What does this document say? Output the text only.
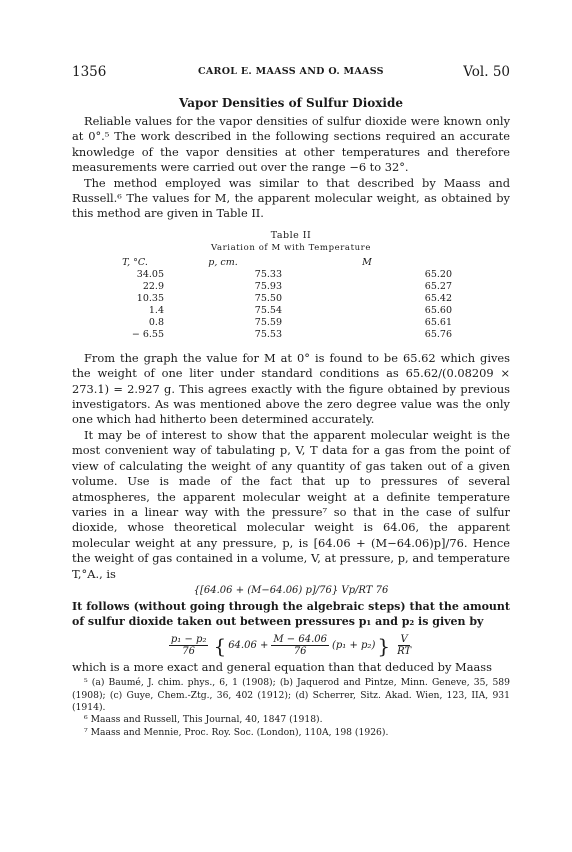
1356	CAROL E. MAASS AND O. MAASS	Vol. 50
Vapor Densities of Sulfur Dioxide

Reliable values for the vapor densities of sulfur dioxide were known only at 0°.⁵ The work described in the following sections required an accurate knowledge of the vapor densities at other temperatures and therefore measurements were carried out over the range −6 to 32°.

The method employed was similar to that described by Maass and Russell.⁶ The values for M, the apparent molecular weight, as obtained by this method are given in Table II.

Table II
Variation of M with Temperature
T, °C.	p, cm.	M
34.05	75.33	65.20
22.9	75.93	65.27
10.35	75.50	65.42
1.4	75.54	65.60
0.8	75.59	65.61
− 6.55	75.53	65.76

From the graph the value for M at 0° is found to be 65.62 which gives the weight of one liter under standard conditions as 65.62/(0.08209 × 273.1) = 2.927 g. This agrees exactly with the figure obtained by previous investigators. As was mentioned above the zero degree value was the only one which had hitherto been determined accurately.

It may be of interest to show that the apparent molecular weight is the most convenient way of tabulating p, V, T data for a gas from the point of view of calculating the weight of any quantity of gas taken out of a given volume. Use is made of the fact that up to pressures of several atmospheres, the apparent molecular weight at a definite temperature varies in a linear way with the pressure⁷ so that in the case of sulfur dioxide, whose theoretical molecular weight is 64.06, the apparent molecular weight at any pressure, p, is [64.06 + (M−64.06)p]/76. Hence the weight of gas contained in a volume, V, at pressure, p, and temperature T,°A., is

{[64.06 + (M−64.06) p]/76} Vp/RT 76

It follows (without going through the algebraic steps) that the amount of sulfur dioxide taken out between pressures p₁ and p₂ is given by

$\frac{\text{p₁ − p₂}}{76}$ { $64.06 + \frac{M - 64.06}{76} (p_1 + p_2)$ } $\frac{V}{RT}$

which is a more exact and general equation than that deduced by Maass

⁵ (a) Baumé, J. chim. phys., 6, 1 (1908); (b) Jaquerod and Pintze, Minn. Geneve, 35, 589 (1908); (c) Guye, Chem.-Ztg., 36, 402 (1912); (d) Scherrer, Sitz. Akad. Wien, 123, IIA, 931 (1914).

⁶ Maass and Russell, This Journal, 40, 1847 (1918).

⁷ Maass and Mennie, Proc. Roy. Soc. (London), 110A, 198 (1926).
